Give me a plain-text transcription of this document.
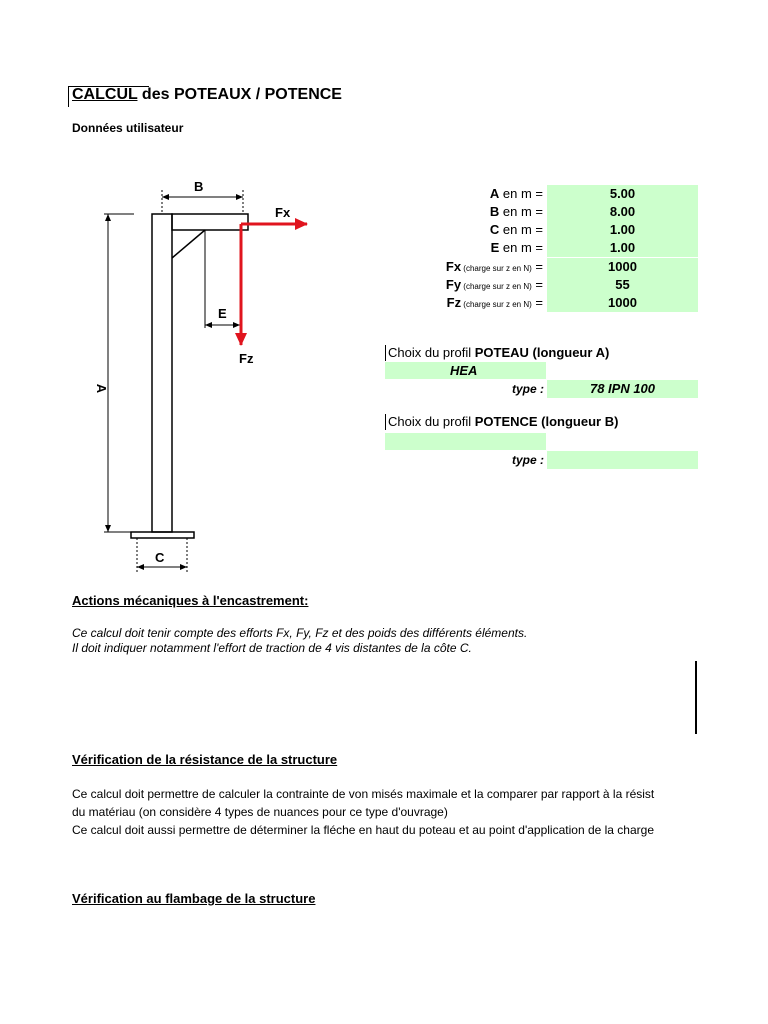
CALCUL des POTEAUX / POTENCE
Données utilisateur
B
Fx
E
Fz
A
C
A en m =	5.00
B en m =	8.00
C en m =	1.00
E en m =	1.00
Fx (charge sur z en N) =	1000
Fy (charge sur z en N) =	55
Fz (charge sur z en N) =	1000
Choix du profil POTEAU (longueur A)
HEA
type :	78 IPN 100
Choix du profil POTENCE (longueur B)
type :
Actions mécaniques à l'encastrement:
Ce calcul doit tenir compte des efforts Fx, Fy, Fz et des poids des différents éléments.
Il doit indiquer notamment l'effort de traction de 4 vis distantes de la côte C.
Vérification de la résistance de la structure
Ce calcul doit permettre de calculer la contrainte de von misés maximale et la comparer par rapport à la résist
du matériau (on considère 4 types de nuances pour ce type d'ouvrage)
Ce calcul doit aussi permettre de déterminer la fléche en haut du poteau et au point d'application de la charge
Vérification au flambage de la structure
